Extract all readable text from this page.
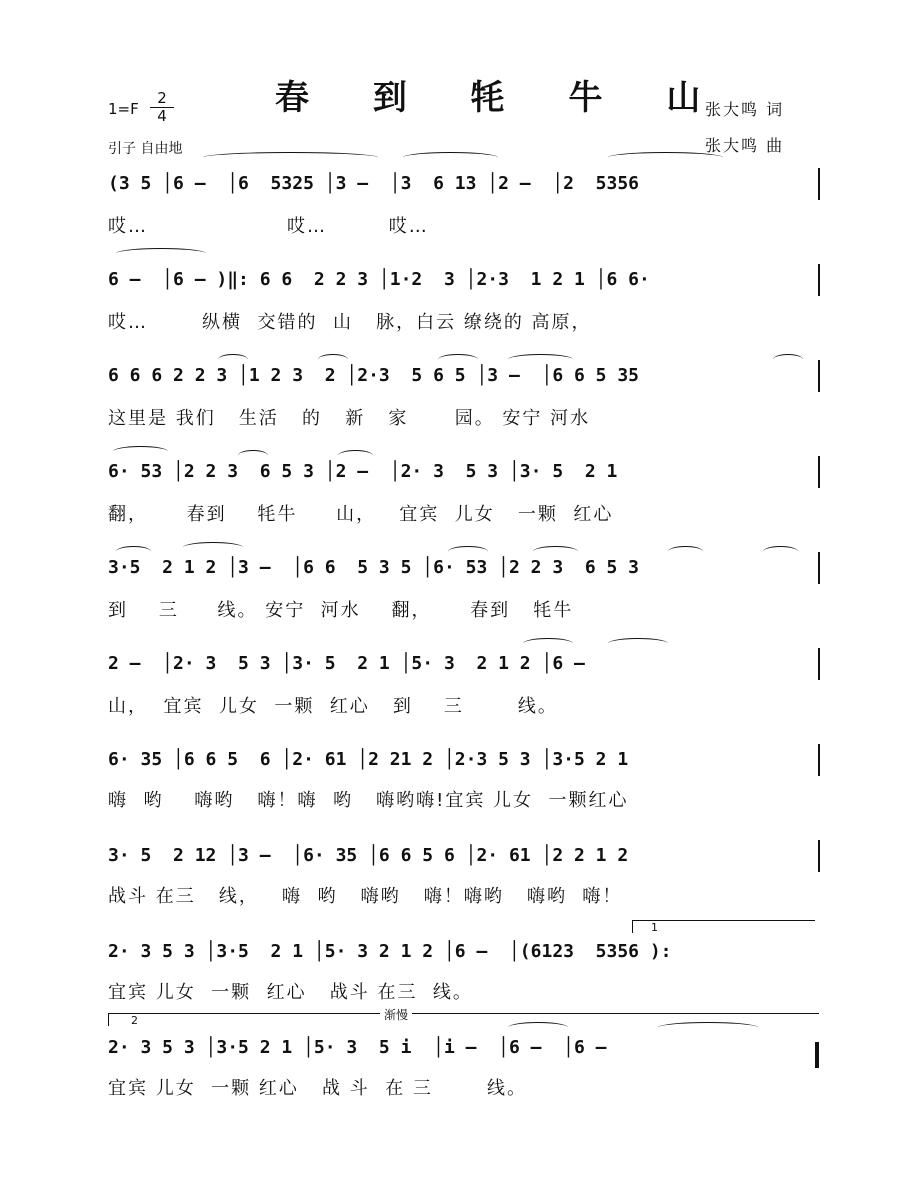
春 到 牦 牛 山
1=F
2
4
引子 自由地
张大鸣 词
张大鸣 曲
(3 5 │6 –  │6  5325 │3 –  │3  6 13 │2 –  │2  5356
哎…                  哎…        哎…
6 –  │6 – )‖: 6 6  2 2 3 │1·2  3 │2·3  1 2 1 │6 6·
哎…       纵横  交错的  山   脉，白云 缭绕的 高原，
6 6 6 2 2 3 │1 2 3  2 │2·3  5 6 5 │3 –  │6 6 5 35
这里是 我们   生活   的   新   家      园。 安宁 河水
6· 53 │2 2 3  6 5 3 │2 –  │2· 3  5 3 │3· 5  2 1
翻，     春到    牦牛     山，   宜宾  儿女   一颗  红心
3·5  2 1 2 │3 –  │6 6  5 3 5 │6· 53 │2 2 3  6 5 3
到    三     线。 安宁  河水    翻，     春到   牦牛
2 –  │2· 3  5 3 │3· 5  2 1 │5· 3  2 1 2 │6 –
山，  宜宾  儿女  一颗  红心   到    三       线。
6· 35 │6 6 5  6 │2· 61 │2 21 2 │2·3 5 3 │3·5 2 1
嗨  哟    嗨哟   嗨！嗨  哟   嗨哟嗨!宜宾 儿女  一颗红心
3· 5  2 12 │3 –  │6· 35 │6 6 5 6 │2· 61 │2 2 1 2
战斗 在三   线，   嗨  哟   嗨哟   嗨！嗨哟   嗨哟  嗨！
1
2· 3 5 3 │3·5  2 1 │5· 3 2 1 2 │6 –  │(6123  5356 ):
宜宾 儿女  一颗  红心   战斗 在三  线。
2	渐慢
2· 3 5 3 │3·5 2 1 │5· 3  5 i  │i –  │6 –  │6 –
宜宾 儿女  一颗 红心   战 斗  在 三       线。
